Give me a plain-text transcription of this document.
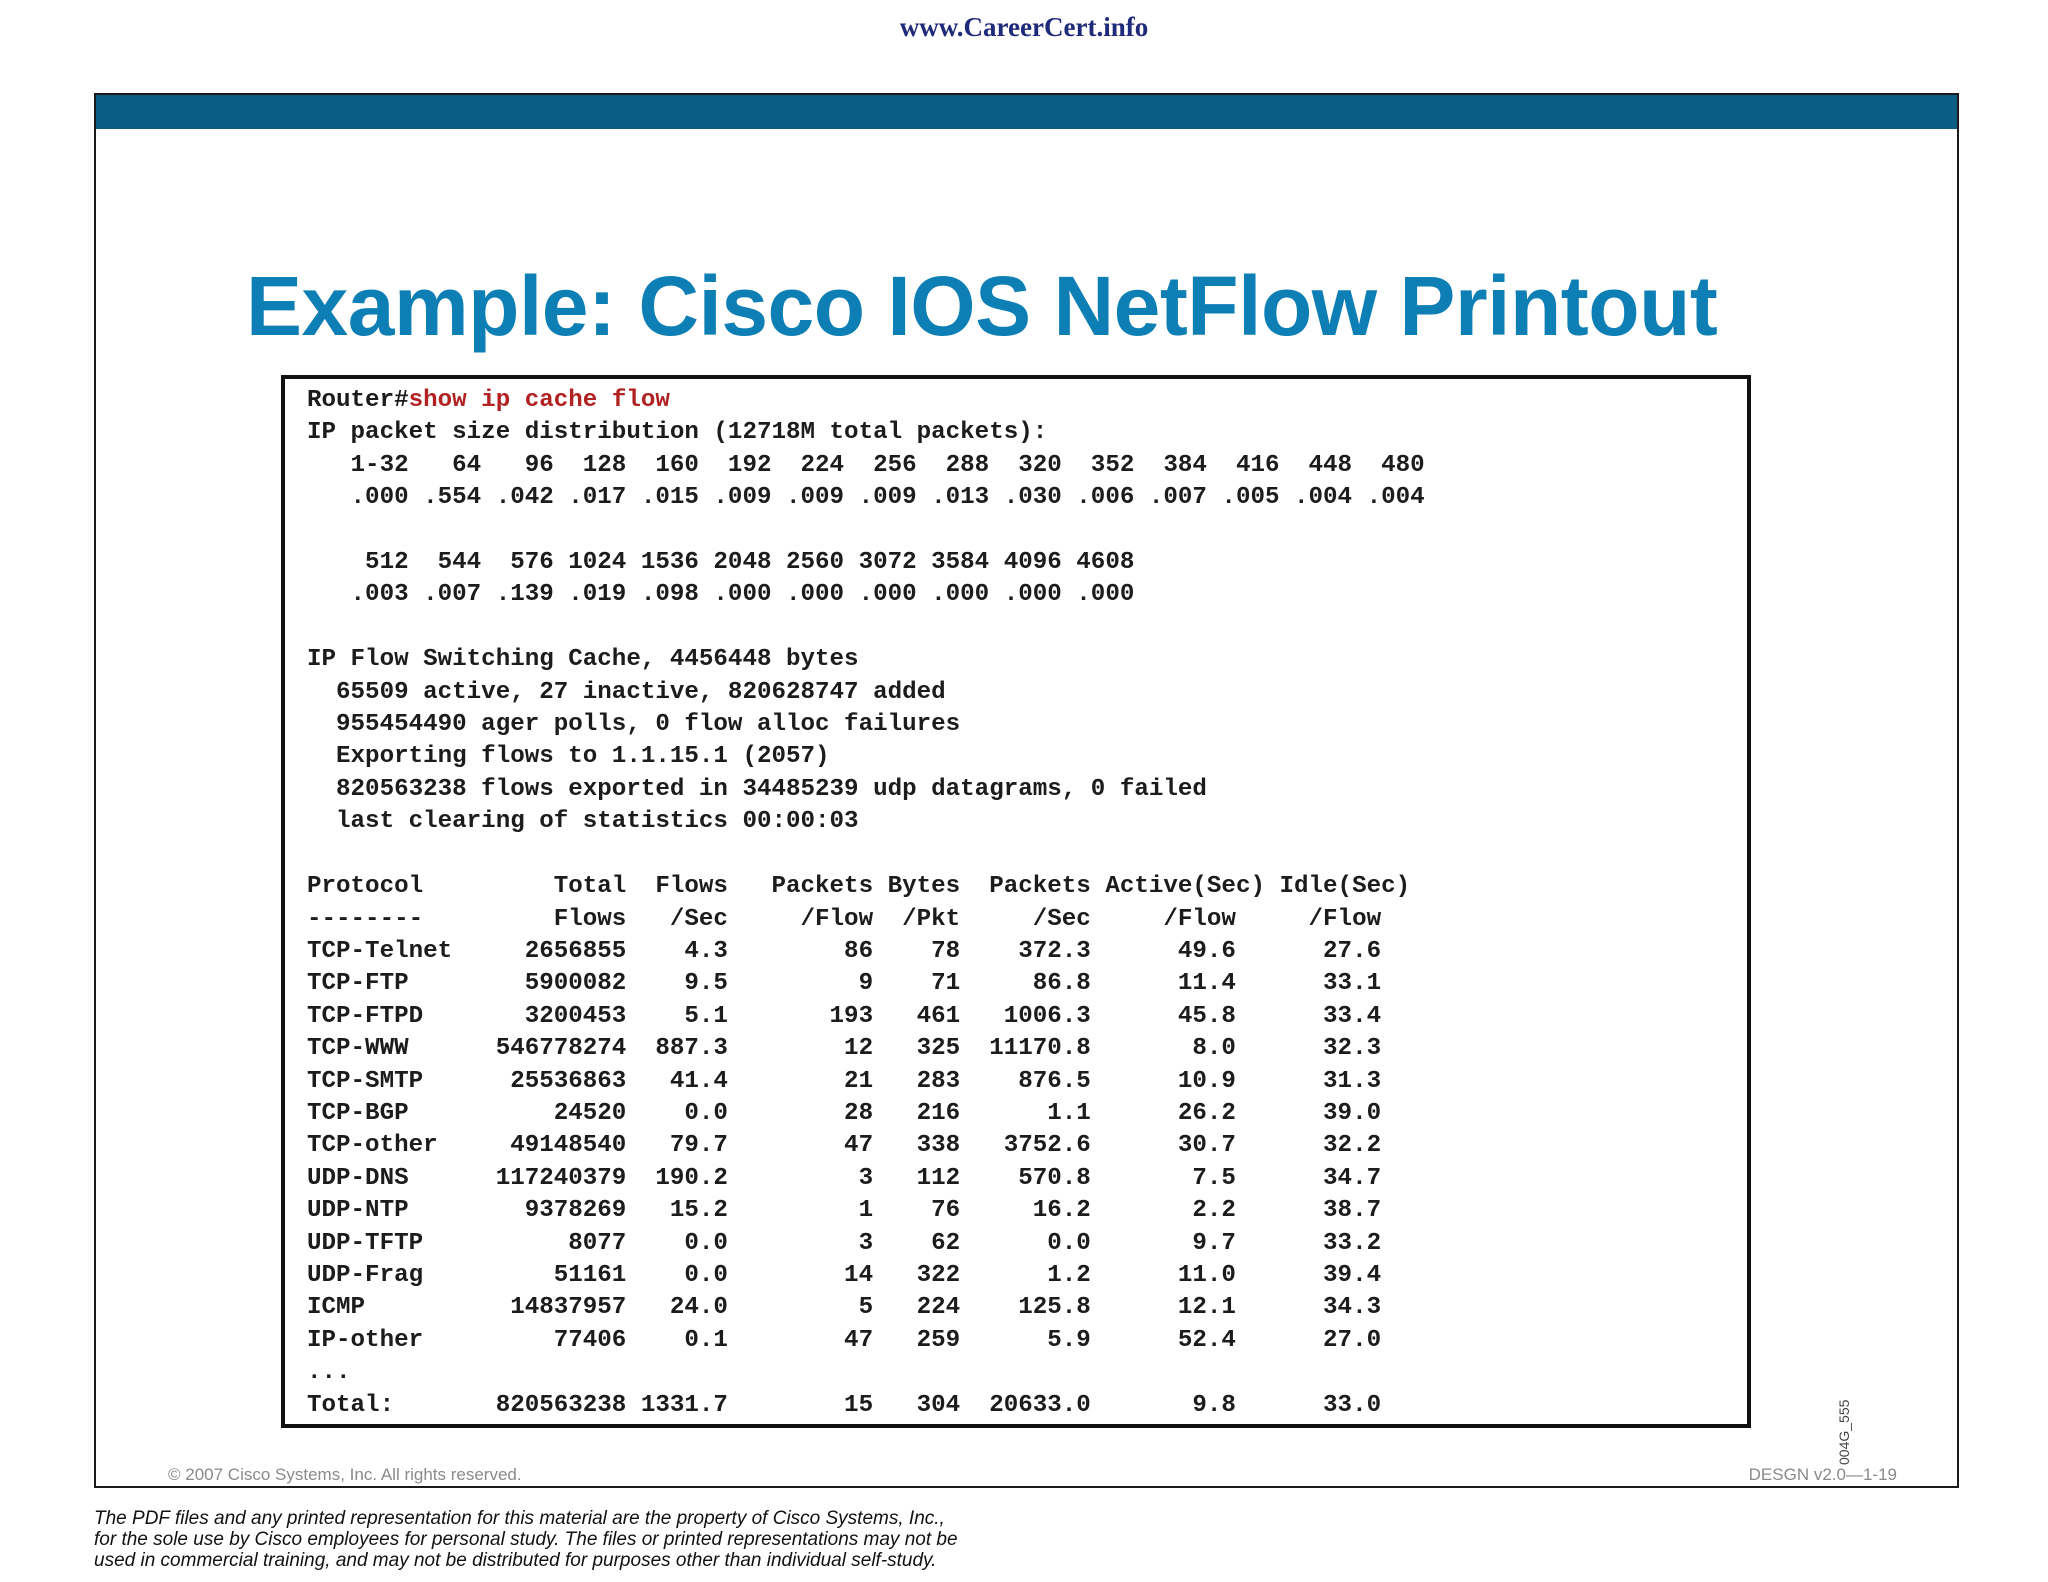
www.CareerCert.info
Example: Cisco IOS NetFlow Printout
Router#show ip cache flow
IP packet size distribution (12718M total packets):
1-32   64   96  128  160  192  224  256  288  320  352  384  416  448  480
.000 .554 .042 .017 .015 .009 .009 .009 .013 .030 .006 .007 .005 .004 .004

512  544  576 1024 1536 2048 2560 3072 3584 4096 4608
.003 .007 .139 .019 .098 .000 .000 .000 .000 .000 .000

IP Flow Switching Cache, 4456448 bytes
65509 active, 27 inactive, 820628747 added
955454490 ager polls, 0 flow alloc failures
Exporting flows to 1.1.15.1 (2057)
820563238 flows exported in 34485239 udp datagrams, 0 failed
last clearing of statistics 00:00:03

Protocol         Total  Flows   Packets Bytes  Packets Active(Sec) Idle(Sec)
--------         Flows   /Sec     /Flow  /Pkt     /Sec     /Flow     /Flow
TCP-Telnet     2656855    4.3        86    78    372.3      49.6      27.6
TCP-FTP        5900082    9.5         9    71     86.8      11.4      33.1
TCP-FTPD       3200453    5.1       193   461   1006.3      45.8      33.4
TCP-WWW      546778274  887.3        12   325  11170.8       8.0      32.3
TCP-SMTP      25536863   41.4        21   283    876.5      10.9      31.3
TCP-BGP          24520    0.0        28   216      1.1      26.2      39.0
TCP-other     49148540   79.7        47   338   3752.6      30.7      32.2
UDP-DNS      117240379  190.2         3   112    570.8       7.5      34.7
UDP-NTP        9378269   15.2         1    76     16.2       2.2      38.7
UDP-TFTP          8077    0.0         3    62      0.0       9.7      33.2
UDP-Frag         51161    0.0        14   322      1.2      11.0      39.4
ICMP          14837957   24.0         5   224    125.8      12.1      34.3
IP-other         77406    0.1        47   259      5.9      52.4      27.0
...
Total:       820563238 1331.7        15   304  20633.0       9.8      33.0	004G_555
© 2007 Cisco Systems, Inc. All rights reserved.	DESGN v2.0—1-19
The PDF files and any printed representation for this material are the property of Cisco Systems, Inc.,
for the sole use by Cisco employees for personal study. The files or printed representations may not be
used in commercial training, and may not be distributed for purposes other than individual self-study.
